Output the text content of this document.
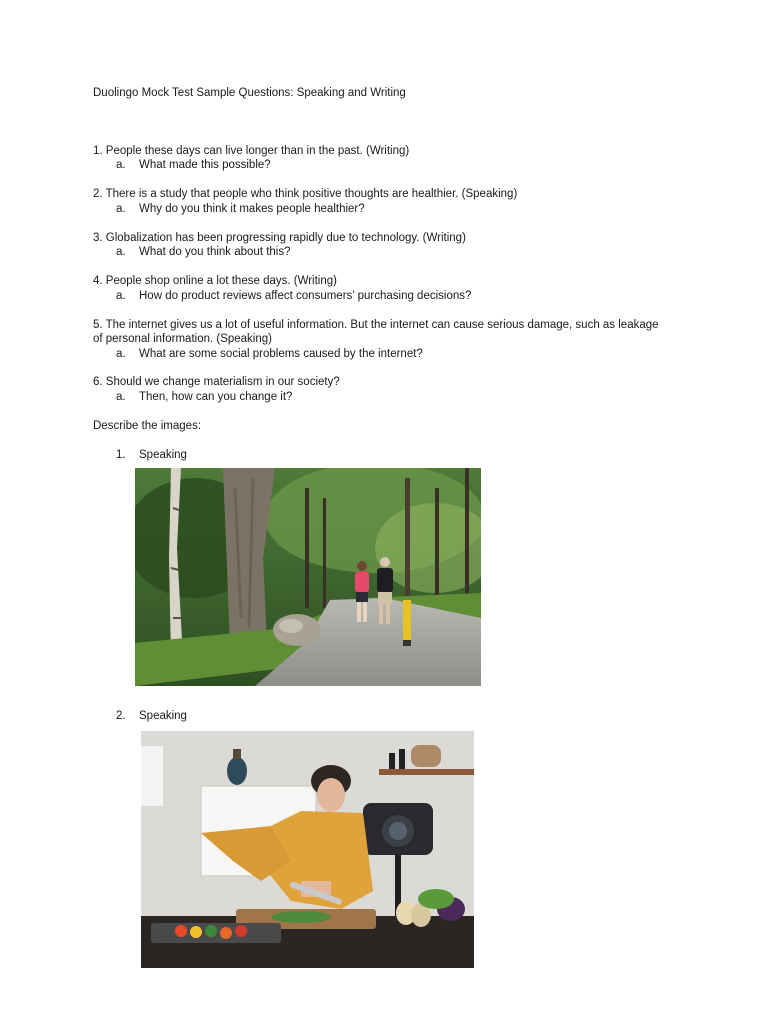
Duolingo Mock Test Sample Questions: Speaking and Writing
1. People these days can live longer than in the past. (Writing)
a. What made this possible?
2. There is a study that people who think positive thoughts are healthier. (Speaking)
a. Why do you think it makes people healthier?
3. Globalization has been progressing rapidly due to technology. (Writing)
a. What do you think about this?
4. People shop online a lot these days. (Writing)
a. How do product reviews affect consumers’ purchasing decisions?
5. The internet gives us a lot of useful information. But the internet can cause serious damage, such as leakage
of personal information. (Speaking)
a. What are some social problems caused by the internet?
6. Should we change materialism in our society?
a. Then, how can you change it?
Describe the images:
1. Speaking
2. Speaking
